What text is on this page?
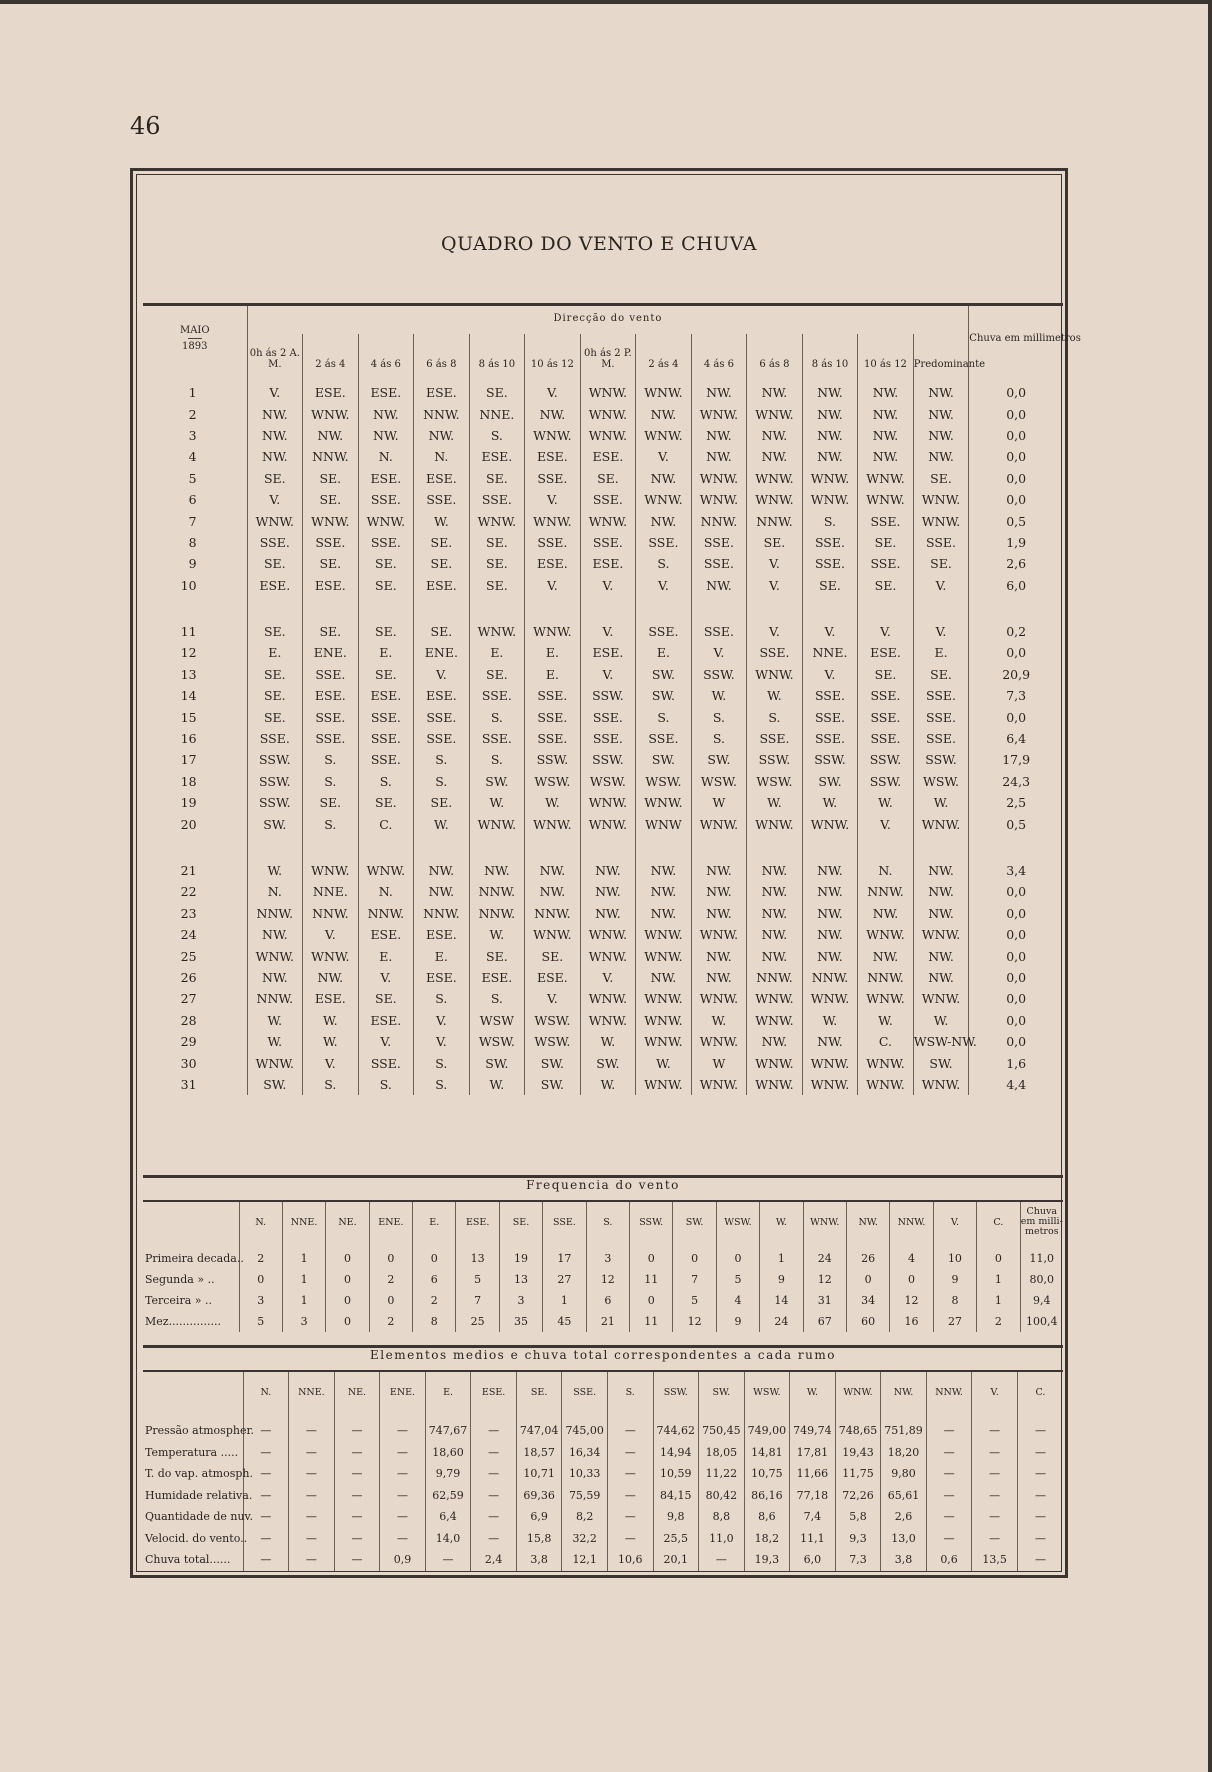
46
QUADRO DO VENTO E CHUVA
MAIO
1893	Direcção do vento													Chuva em millimetros
	0h ás 2 A. M.	2 ás 4	4 ás 6	6 ás 8	8 ás 10	10 ás 12	0h ás 2 P. M.	2 ás 4	4 ás 6	6 ás 8	8 ás 10	10 ás 12	Predominante	
1	V.	ESE.	ESE.	ESE.	SE.	V.	WNW.	WNW.	NW.	NW.	NW.	NW.	NW.	0,0
2	NW.	WNW.	NW.	NNW.	NNE.	NW.	WNW.	NW.	WNW.	WNW.	NW.	NW.	NW.	0,0
3	NW.	NW.	NW.	NW.	S.	WNW.	WNW.	WNW.	NW.	NW.	NW.	NW.	NW.	0,0
4	NW.	NNW.	N.	N.	ESE.	ESE.	ESE.	V.	NW.	NW.	NW.	NW.	NW.	0,0
5	SE.	SE.	ESE.	ESE.	SE.	SSE.	SE.	NW.	WNW.	WNW.	WNW.	WNW.	SE.	0,0
6	V.	SE.	SSE.	SSE.	SSE.	V.	SSE.	WNW.	WNW.	WNW.	WNW.	WNW.	WNW.	0,0
7	WNW.	WNW.	WNW.	W.	WNW.	WNW.	WNW.	NW.	NNW.	NNW.	S.	SSE.	WNW.	0,5
8	SSE.	SSE.	SSE.	SE.	SE.	SSE.	SSE.	SSE.	SSE.	SE.	SSE.	SE.	SSE.	1,9
9	SE.	SE.	SE.	SE.	SE.	ESE.	ESE.	S.	SSE.	V.	SSE.	SSE.	SE.	2,6
10	ESE.	ESE.	SE.	ESE.	SE.	V.	V.	V.	NW.	V.	SE.	SE.	V.	6,0

11	SE.	SE.	SE.	SE.	WNW.	WNW.	V.	SSE.	SSE.	V.	V.	V.	V.	0,2
12	E.	ENE.	E.	ENE.	E.	E.	ESE.	E.	V.	SSE.	NNE.	ESE.	E.	0,0
13	SE.	SSE.	SE.	V.	SE.	E.	V.	SW.	SSW.	WNW.	V.	SE.	SE.	20,9
14	SE.	ESE.	ESE.	ESE.	SSE.	SSE.	SSW.	SW.	W.	W.	SSE.	SSE.	SSE.	7,3
15	SE.	SSE.	SSE.	SSE.	S.	SSE.	SSE.	S.	S.	S.	SSE.	SSE.	SSE.	0,0
16	SSE.	SSE.	SSE.	SSE.	SSE.	SSE.	SSE.	SSE.	S.	SSE.	SSE.	SSE.	SSE.	6,4
17	SSW.	S.	SSE.	S.	S.	SSW.	SSW.	SW.	SW.	SSW.	SSW.	SSW.	SSW.	17,9
18	SSW.	S.	S.	S.	SW.	WSW.	WSW.	WSW.	WSW.	WSW.	SW.	SSW.	WSW.	24,3
19	SSW.	SE.	SE.	SE.	W.	W.	WNW.	WNW.	W	W.	W.	W.	W.	2,5
20	SW.	S.	C.	W.	WNW.	WNW.	WNW.	WNW	WNW.	WNW.	WNW.	V.	WNW.	0,5

21	W.	WNW.	WNW.	NW.	NW.	NW.	NW.	NW.	NW.	NW.	NW.	N.	NW.	3,4
22	N.	NNE.	N.	NW.	NNW.	NW.	NW.	NW.	NW.	NW.	NW.	NNW.	NW.	0,0
23	NNW.	NNW.	NNW.	NNW.	NNW.	NNW.	NW.	NW.	NW.	NW.	NW.	NW.	NW.	0,0
24	NW.	V.	ESE.	ESE.	W.	WNW.	WNW.	WNW.	WNW.	NW.	NW.	WNW.	WNW.	0,0
25	WNW.	WNW.	E.	E.	SE.	SE.	WNW.	WNW.	NW.	NW.	NW.	NW.	NW.	0,0
26	NW.	NW.	V.	ESE.	ESE.	ESE.	V.	NW.	NW.	NNW.	NNW.	NNW.	NW.	0,0
27	NNW.	ESE.	SE.	S.	S.	V.	WNW.	WNW.	WNW.	WNW.	WNW.	WNW.	WNW.	0,0
28	W.	W.	ESE.	V.	WSW	WSW.	WNW.	WNW.	W.	WNW.	W.	W.	W.	0,0
29	W.	W.	V.	V.	WSW.	WSW.	W.	WNW.	WNW.	NW.	NW.	C.	WSW-NW.	0,0
30	WNW.	V.	SSE.	S.	SW.	SW.	SW.	W.	W	WNW.	WNW.	WNW.	SW.	1,6
31	SW.	S.	S.	S.	W.	SW.	W.	WNW.	WNW.	WNW.	WNW.	WNW.	WNW.	4,4
Frequencia do vento
	N.	NNE.	NE.	ENE.	E.	ESE.	SE.	SSE.	S.	SSW.	SW.	WSW.	W.	WNW.	NW.	NNW.	V.	C.	Chuva em milli-metros
Primeira decada..	2	1	0	0	0	13	19	17	3	0	0	0	1	24	26	4	10	0	11,0
Segunda » ..	0	1	0	2	6	5	13	27	12	11	7	5	9	12	0	0	9	1	80,0
Terceira » ..	3	1	0	0	2	7	3	1	6	0	5	4	14	31	34	12	8	1	9,4
Mez...............	5	3	0	2	8	25	35	45	21	11	12	9	24	67	60	16	27	2	100,4
Elementos medios e chuva total correspondentes a cada rumo
	N.	NNE.	NE.	ENE.	E.	ESE.	SE.	SSE.	S.	SSW.	SW.	WSW.	W.	WNW.	NW.	NNW.	V.	C.
Pressão atmospher.	—	—	—	—	747,67	—	747,04	745,00	—	744,62	750,45	749,00	749,74	748,65	751,89	—	—	—
Temperatura .....	—	—	—	—	18,60	—	18,57	16,34	—	14,94	18,05	14,81	17,81	19,43	18,20	—	—	—
T. do vap. atmosph.	—	—	—	—	9,79	—	10,71	10,33	—	10,59	11,22	10,75	11,66	11,75	9,80	—	—	—
Humidade relativa.	—	—	—	—	62,59	—	69,36	75,59	—	84,15	80,42	86,16	77,18	72,26	65,61	—	—	—
Quantidade de nuv.	—	—	—	—	6,4	—	6,9	8,2	—	9,8	8,8	8,6	7,4	5,8	2,6	—	—	—
Velocid. do vento..	—	—	—	—	14,0	—	15,8	32,2	—	25,5	11,0	18,2	11,1	9,3	13,0	—	—	—
Chuva total......	—	—	—	0,9	—	2,4	3,8	12,1	10,6	20,1	—	19,3	6,0	7,3	3,8	0,6	13,5	—
